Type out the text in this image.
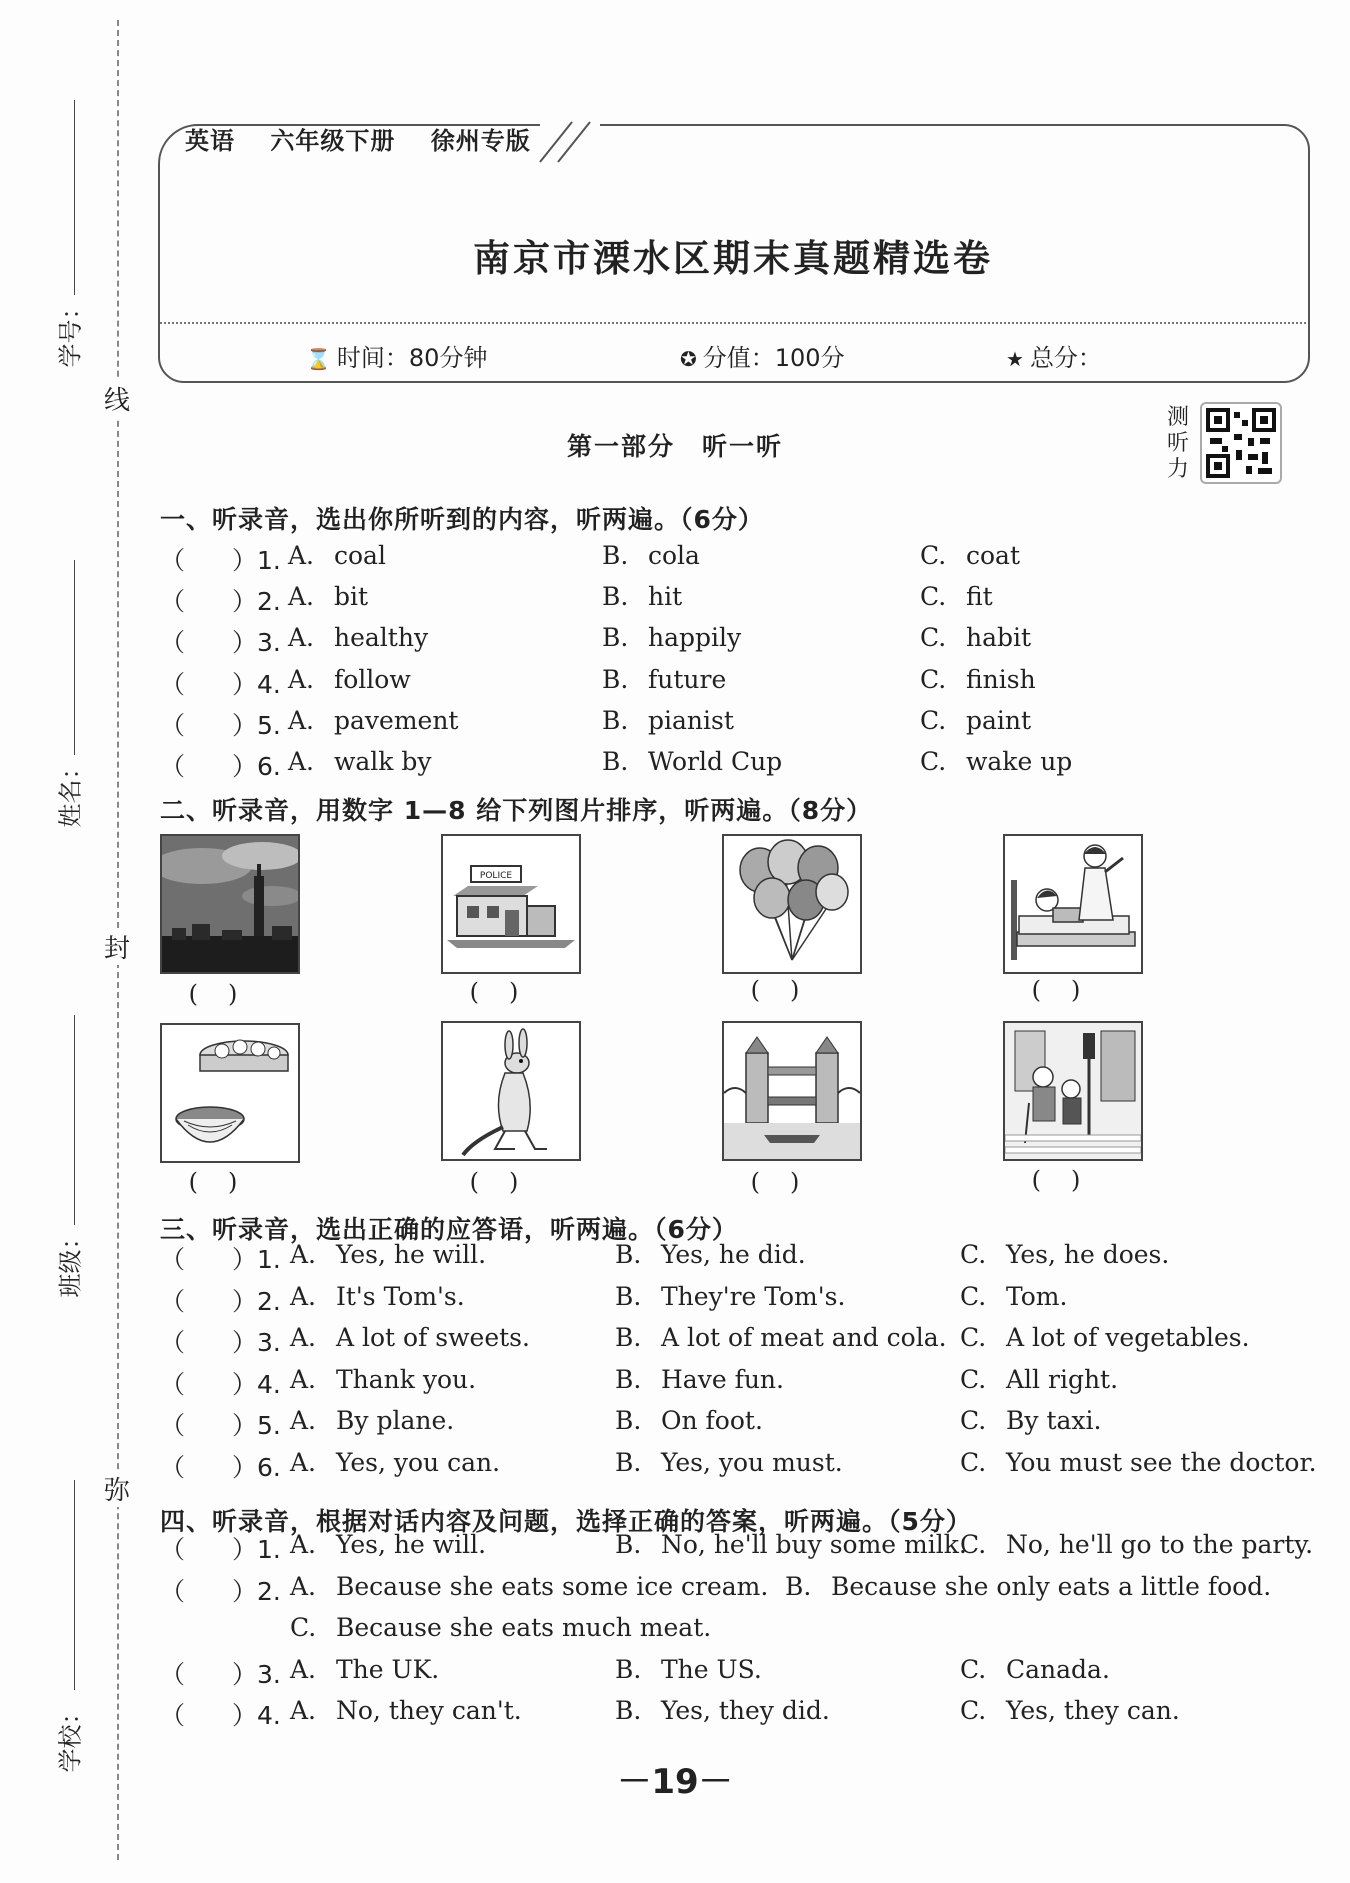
线
封
弥
学号：
姓名：
班级：
学校：
英语 六年级下册 徐州专版
南京市溧水区期末真题精选卷
⌛ 时间：80分钟	✪ 分值：100分	★ 总分：
第一部分　听一听
测听力
一、听录音，选出你所听到的内容，听两遍。（6分）
（ ）1. A. coal	B. cola	C. coat
（ ）2. A. bit	B. hit	C. fit
（ ）3. A. healthy	B. happily	C. habit
（ ）4. A. follow	B. future	C. finish
（ ）5. A. pavement	B. pianist	C. paint
（ ）6. A. walk by	B. World Cup	C. wake up
二、听录音，用数字 1—8 给下列图片排序，听两遍。（8分）
POLICE
()	()	()	()
()	()	()	()
三、听录音，选出正确的应答语，听两遍。（6分）
（ ）1. A. Yes, he will.	B. Yes, he did.	C. Yes, he does.
（ ）2. A. It's Tom's.	B. They're Tom's.	C. Tom.
（ ）3. A. A lot of sweets.	B. A lot of meat and cola. C. A lot of vegetables.
（ ）4. A. Thank you.	B. Have fun.	C. All right.
（ ）5. A. By plane.	B. On foot.	C. By taxi.
（ ）6. A. Yes, you can.	B. Yes, you must.	C. You must see the doctor.
四、听录音，根据对话内容及问题，选择正确的答案，听两遍。（5分）
（ ）1. A. Yes, he will.	B. No, he'll buy some milk.
C. No, he'll go to the party.
（ ）2. A. Because she eats some ice cream. B. Because she only eats a little food.
C. Because she eats much meat.
（ ）3. A. The UK.	B. The US.	C. Canada.
（ ）4. A. No, they can't.	B. Yes, they did.	C. Yes, they can.
－19－
